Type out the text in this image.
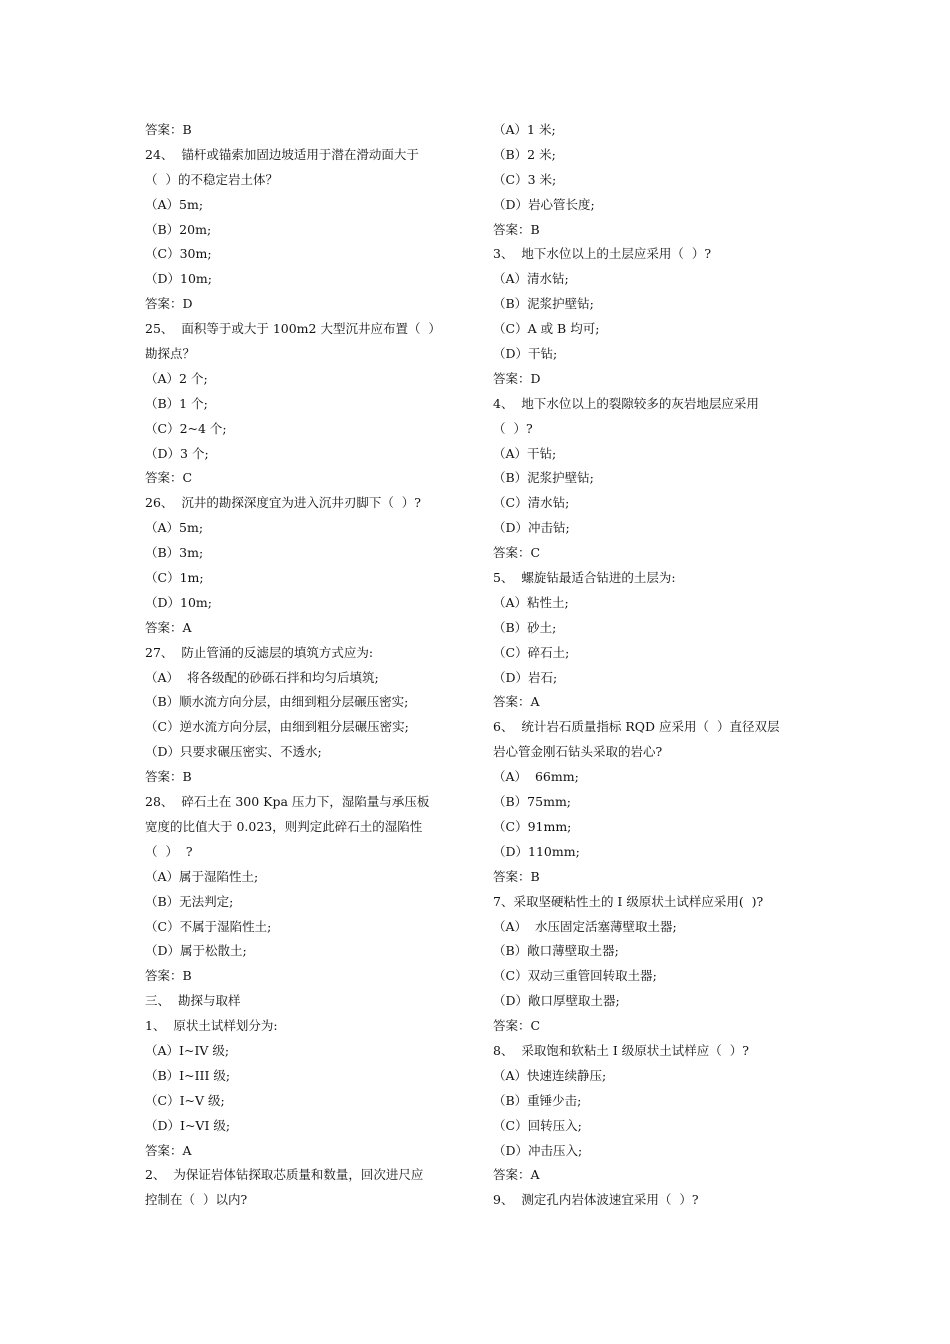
答案：B
24、  锚杆或锚索加固边坡适用于潜在滑动面大于
（  ）的不稳定岩土体？
（A）5m;
（B）20m;
（C）30m;
（D）10m;
答案：D
25、  面积等于或大于 100m2 大型沉井应布置（  ）
勘探点？
（A）2 个;
（B）1 个;
（C）2~4 个;
（D）3 个;
答案：C
26、  沉井的勘探深度宜为进入沉井刃脚下（  ）?
（A）5m;
（B）3m;
（C）1m;
（D）10m;
答案：A
27、  防止管涌的反滤层的填筑方式应为:
（A）  将各级配的砂砾石拌和均匀后填筑;
（B）顺水流方向分层，由细到粗分层碾压密实;
（C）逆水流方向分层，由细到粗分层碾压密实;
（D）只要求碾压密实、不透水;
答案：B
28、  碎石土在 300 Kpa 压力下，湿陷量与承压板
宽度的比值大于 0.023，则判定此碎石土的湿陷性
（  ）  ?
（A）属于湿陷性土;
（B）无法判定;
（C）不属于湿陷性土;
（D）属于松散土;
答案：B
三、  勘探与取样
1、  原状土试样划分为:
（A）I~IV 级;
（B）I~III 级;
（C）I~V 级;
（D）I~VI 级;
答案：A
2、  为保证岩体钻探取芯质量和数量，回次进尺应
控制在（  ）以内?
（A）1 米;
（B）2 米;
（C）3 米;
（D）岩心管长度;
答案：B
3、  地下水位以上的土层应采用（  ）?
（A）清水钻;
（B）泥浆护壁钻;
（C）A 或 B 均可;
（D）干钻;
答案：D
4、  地下水位以上的裂隙较多的灰岩地层应采用
（  ）?
（A）干钻;
（B）泥浆护壁钻;
（C）清水钻;
（D）冲击钻;
答案：C
5、  螺旋钻最适合钻进的土层为:
（A）粘性土;
（B）砂土;
（C）碎石土;
（D）岩石;
答案：A
6、  统计岩石质量指标 RQD 应采用（  ）直径双层
岩心管金刚石钻头采取的岩心?
（A）  66mm;
（B）75mm;
（C）91mm;
（D）110mm;
答案：B
7、采取坚硬粘性土的 I 级原状土试样应采用(  )?
（A）  水压固定活塞薄壁取土器;
（B）敞口薄壁取土器;
（C）双动三重管回转取土器;
（D）敞口厚壁取土器;
答案：C
8、  采取饱和软粘土 I 级原状土试样应（  ）?
（A）快速连续静压;
（B）重锤少击;
（C）回转压入;
（D）冲击压入;
答案：A
9、  测定孔内岩体波速宜采用（  ）?
